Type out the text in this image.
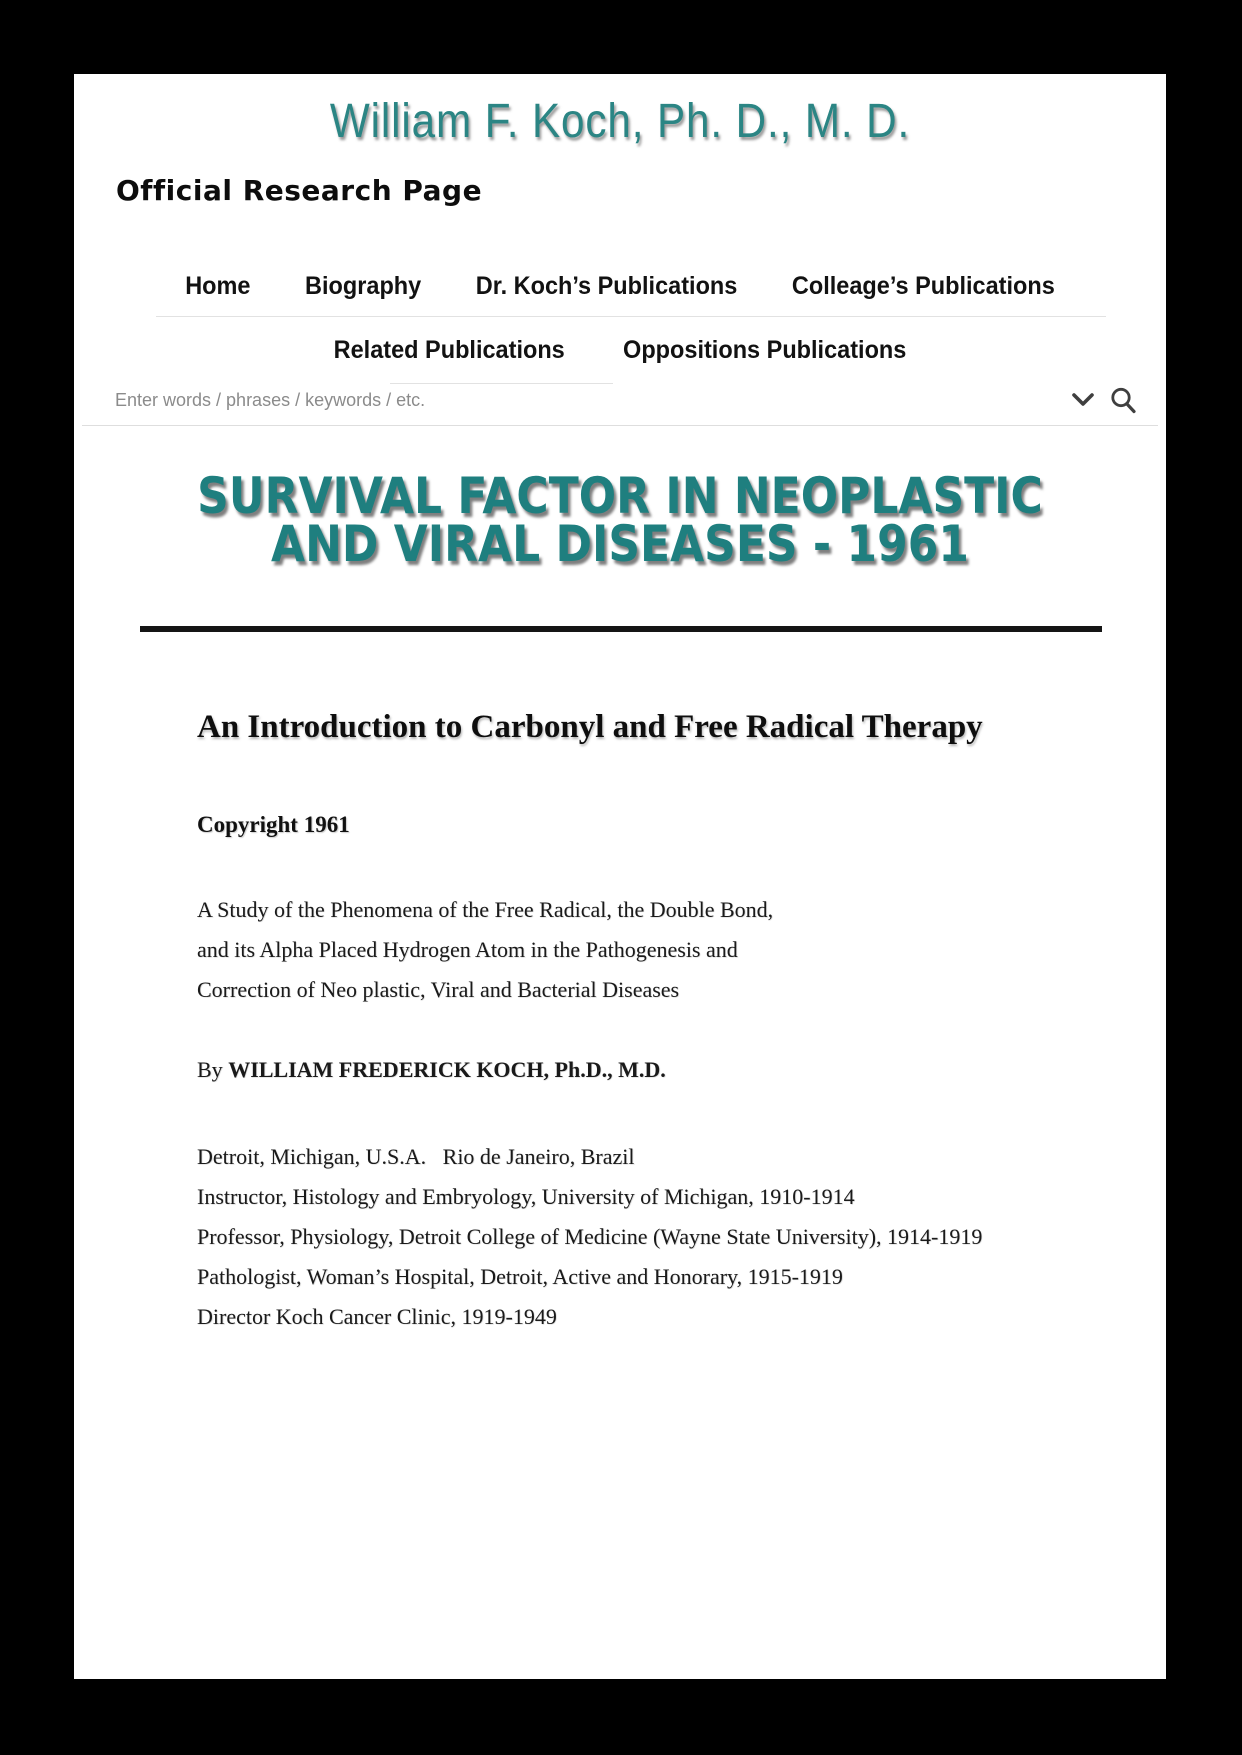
William F. Koch, Ph. D., M. D.
Official Research Page
Home Biography Dr. Koch’s Publications Colleage’s Publications
Related Publications Oppositions Publications
Enter words / phrases / keywords / etc.
SURVIVAL FACTOR IN NEOPLASTIC
AND VIRAL DISEASES - 1961
An Introduction to Carbonyl and Free Radical Therapy
Copyright 1961

A Study of the Phenomena of the Free Radical, the Double Bond,

and its Alpha Placed Hydrogen Atom in the Pathogenesis and

Correction of Neo plastic, Viral and Bacterial Diseases

By WILLIAM FREDERICK KOCH, Ph.D., M.D.

Detroit, Michigan, U.S.A.   Rio de Janeiro, Brazil

Instructor, Histology and Embryology, University of Michigan, 1910-1914

Professor, Physiology, Detroit College of Medicine (Wayne State University), 1914-1919

Pathologist, Woman’s Hospital, Detroit, Active and Honorary, 1915-1919

Director Koch Cancer Clinic, 1919-1949
